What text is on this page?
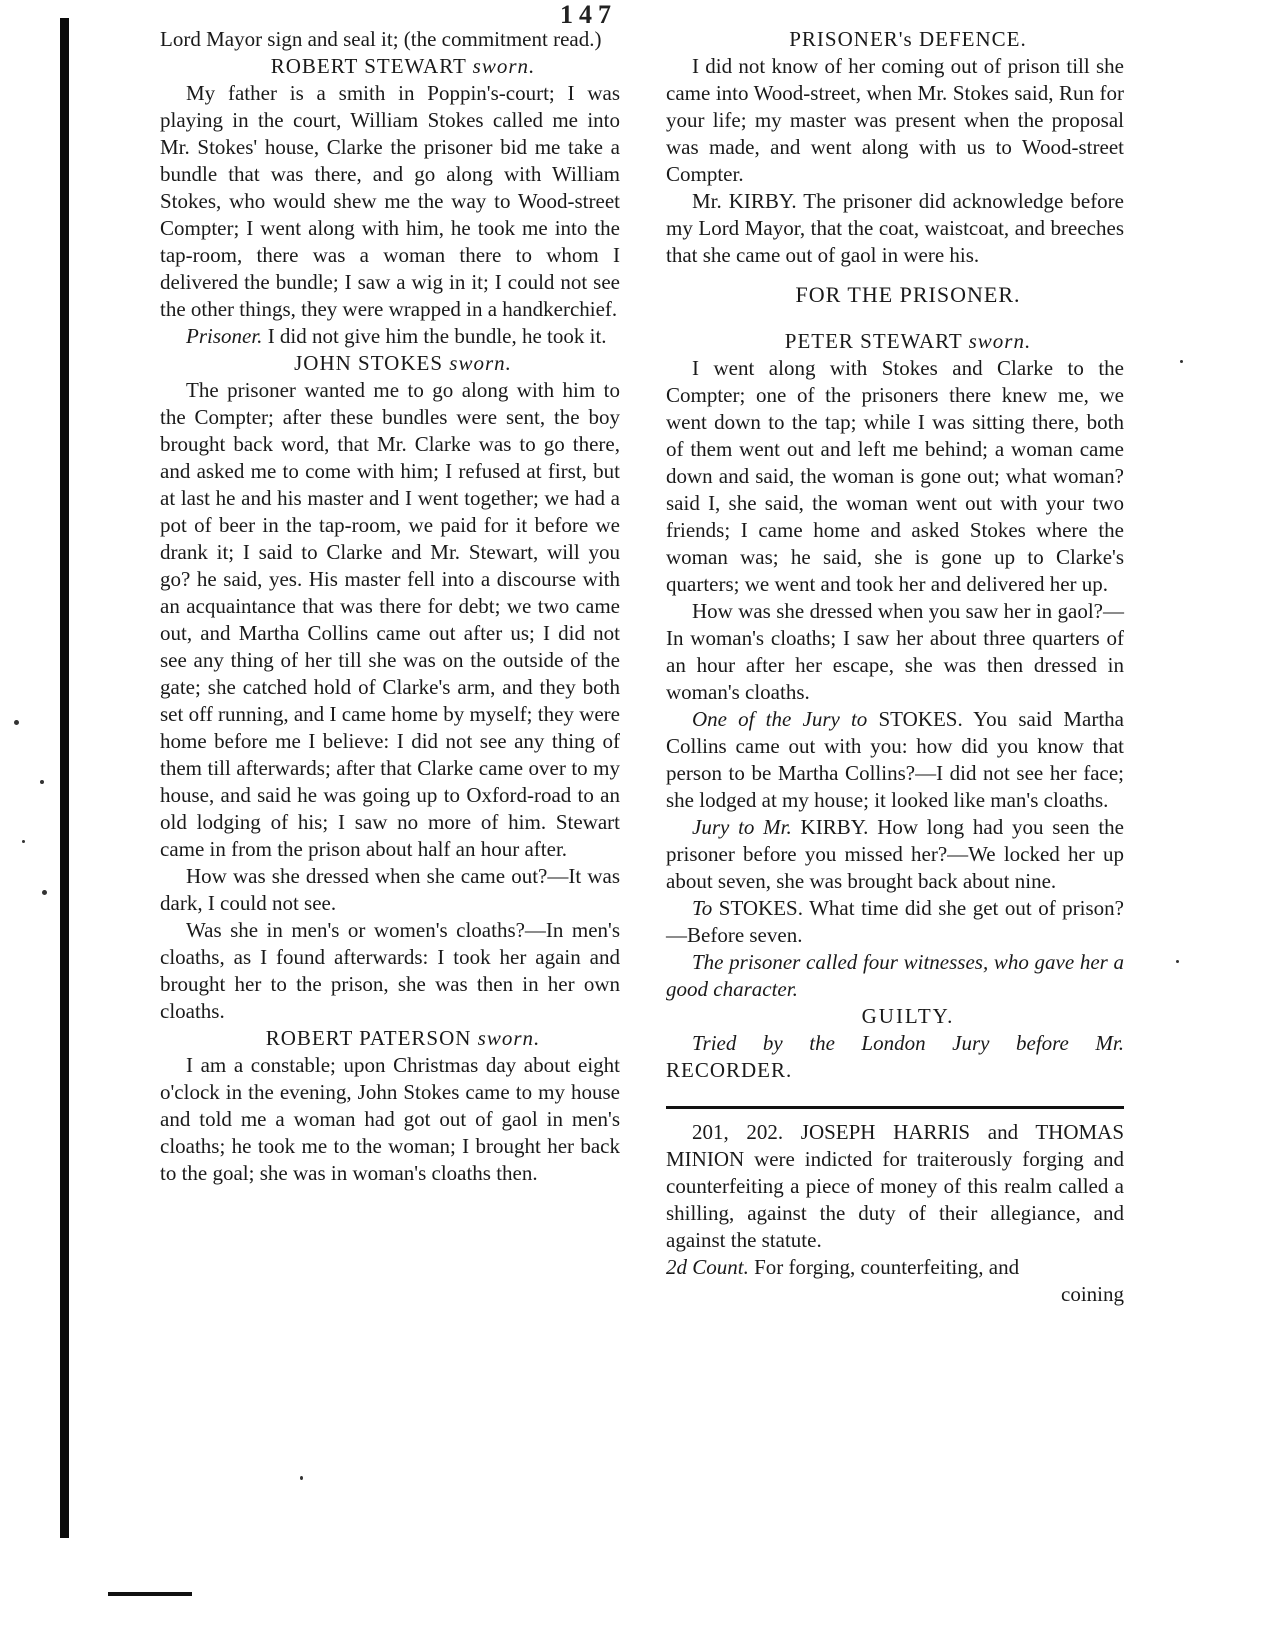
147

Lord Mayor sign and seal it; (the commitment read.)

ROBERT STEWART sworn.

My father is a smith in Poppin's-court; I was playing in the court, William Stokes called me into Mr. Stokes' house, Clarke the prisoner bid me take a bundle that was there, and go along with William Stokes, who would shew me the way to Wood-street Compter; I went along with him, he took me into the tap-room, there was a woman there to whom I delivered the bundle; I saw a wig in it; I could not see the other things, they were wrapped in a handkerchief.

Prisoner. I did not give him the bundle, he took it.

JOHN STOKES sworn.

The prisoner wanted me to go along with him to the Compter; after these bundles were sent, the boy brought back word, that Mr. Clarke was to go there, and asked me to come with him; I refused at first, but at last he and his master and I went together; we had a pot of beer in the tap-room, we paid for it before we drank it; I said to Clarke and Mr. Stewart, will you go? he said, yes. His master fell into a discourse with an acquaintance that was there for debt; we two came out, and Martha Collins came out after us; I did not see any thing of her till she was on the outside of the gate; she catched hold of Clarke's arm, and they both set off running, and I came home by myself; they were home before me I believe: I did not see any thing of them till afterwards; after that Clarke came over to my house, and said he was going up to Oxford-road to an old lodging of his; I saw no more of him. Stewart came in from the prison about half an hour after.

How was she dressed when she came out?—It was dark, I could not see.

Was she in men's or women's cloaths?—In men's cloaths, as I found afterwards: I took her again and brought her to the prison, she was then in her own cloaths.

ROBERT PATERSON sworn.

I am a constable; upon Christmas day about eight o'clock in the evening, John Stokes came to my house and told me a woman had got out of gaol in men's cloaths; he took me to the woman; I brought her back to the goal; she was in woman's cloaths then.

PRISONER's DEFENCE.

I did not know of her coming out of prison till she came into Wood-street, when Mr. Stokes said, Run for your life; my master was present when the proposal was made, and went along with us to Wood-street Compter.

Mr. KIRBY. The prisoner did acknowledge before my Lord Mayor, that the coat, waistcoat, and breeches that she came out of gaol in were his.

FOR THE PRISONER.

PETER STEWART sworn.

I went along with Stokes and Clarke to the Compter; one of the prisoners there knew me, we went down to the tap; while I was sitting there, both of them went out and left me behind; a woman came down and said, the woman is gone out; what woman? said I, she said, the woman went out with your two friends; I came home and asked Stokes where the woman was; he said, she is gone up to Clarke's quarters; we went and took her and delivered her up.

How was she dressed when you saw her in gaol?—In woman's cloaths; I saw her about three quarters of an hour after her escape, she was then dressed in woman's cloaths.

One of the Jury to STOKES. You said Martha Collins came out with you: how did you know that person to be Martha Collins?—I did not see her face; she lodged at my house; it looked like man's cloaths.

Jury to Mr. KIRBY. How long had you seen the prisoner before you missed her?—We locked her up about seven, she was brought back about nine.

To STOKES. What time did she get out of prison?—Before seven.

The prisoner called four witnesses, who gave her a good character.

GUILTY.

Tried by the London Jury before Mr. RECORDER.

201, 202. JOSEPH HARRIS and THOMAS MINION were indicted for traiterously forging and counterfeiting a piece of money of this realm called a shilling, against the duty of their allegiance, and against the statute.

2d Count. For forging, counterfeiting, and

coining
